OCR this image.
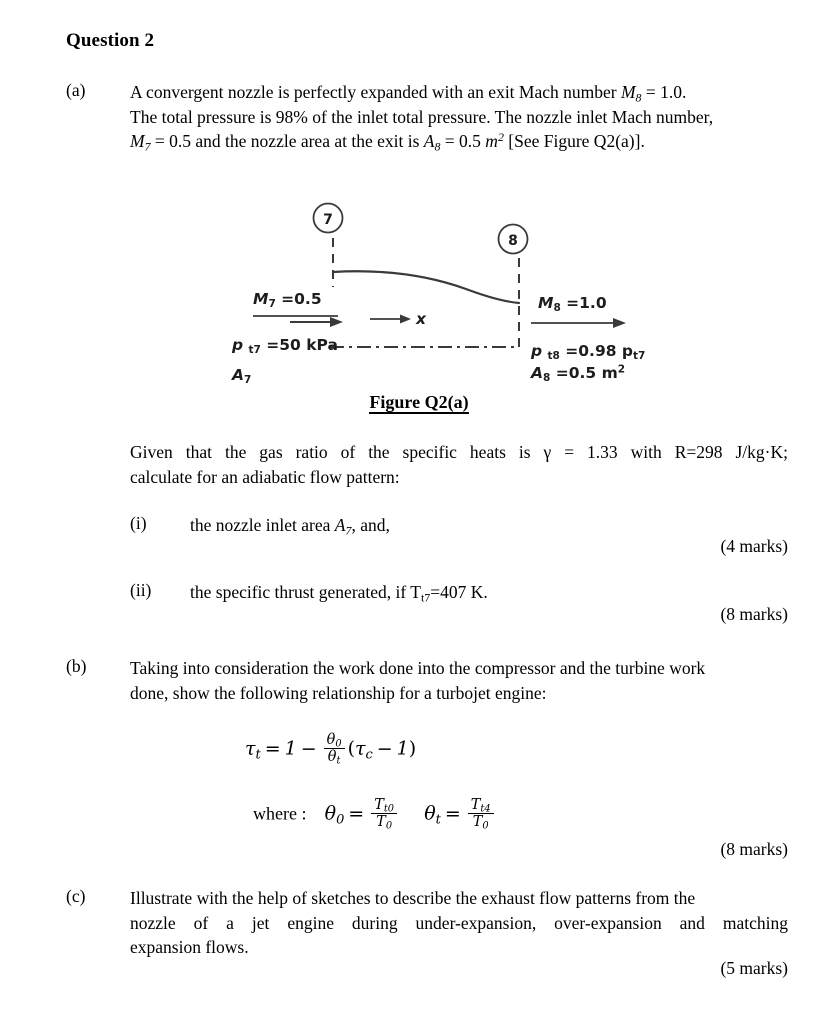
Question 2
(a)	A convergent nozzle is perfectly expanded with an exit Mach number $M_8 = 1.0$.
The total pressure is 98% of the inlet total pressure. The nozzle inlet Mach number,
$M_7 = 0.5$ and the nozzle area at the exit is $A_8 = 0.5$ $m^2$ [See Figure Q2(a)].
7
8
$M_7 =0.5$
p $_{t7}$ =50 kPa
$A_7$
x
$M_8 =1.0$
p $_{t8}$ =0.98 $p_{t7}$
$A_8 =0.5$ $m^2$
Figure Q2(a)
Given that the gas ratio of the specific heats is γ = 1.33 with R=298 J/kg·K;
calculate for an adiabatic flow pattern:
(i) the nozzle inlet area $A_7$, and,
(4 marks)
(ii) the specific thrust generated, if $T_{t7}=407$ K.
(8 marks)
(b) Taking into consideration the work done into the compressor and the turbine work
done, show the following relationship for a turbojet engine:
$\tau_t = 1 - \frac{\theta_0}{\theta_t} (\tau_c - 1)$
where : $\theta_0 = \frac{T_{t0}}{T_0} \theta_t = \frac{T_{t4}}{T_0}$
(8 marks)
(c)	Illustrate with the help of sketches to describe the exhaust flow patterns from the
nozzle of a jet engine during under-expansion, over-expansion and matching
expansion flows.
(5 marks)
